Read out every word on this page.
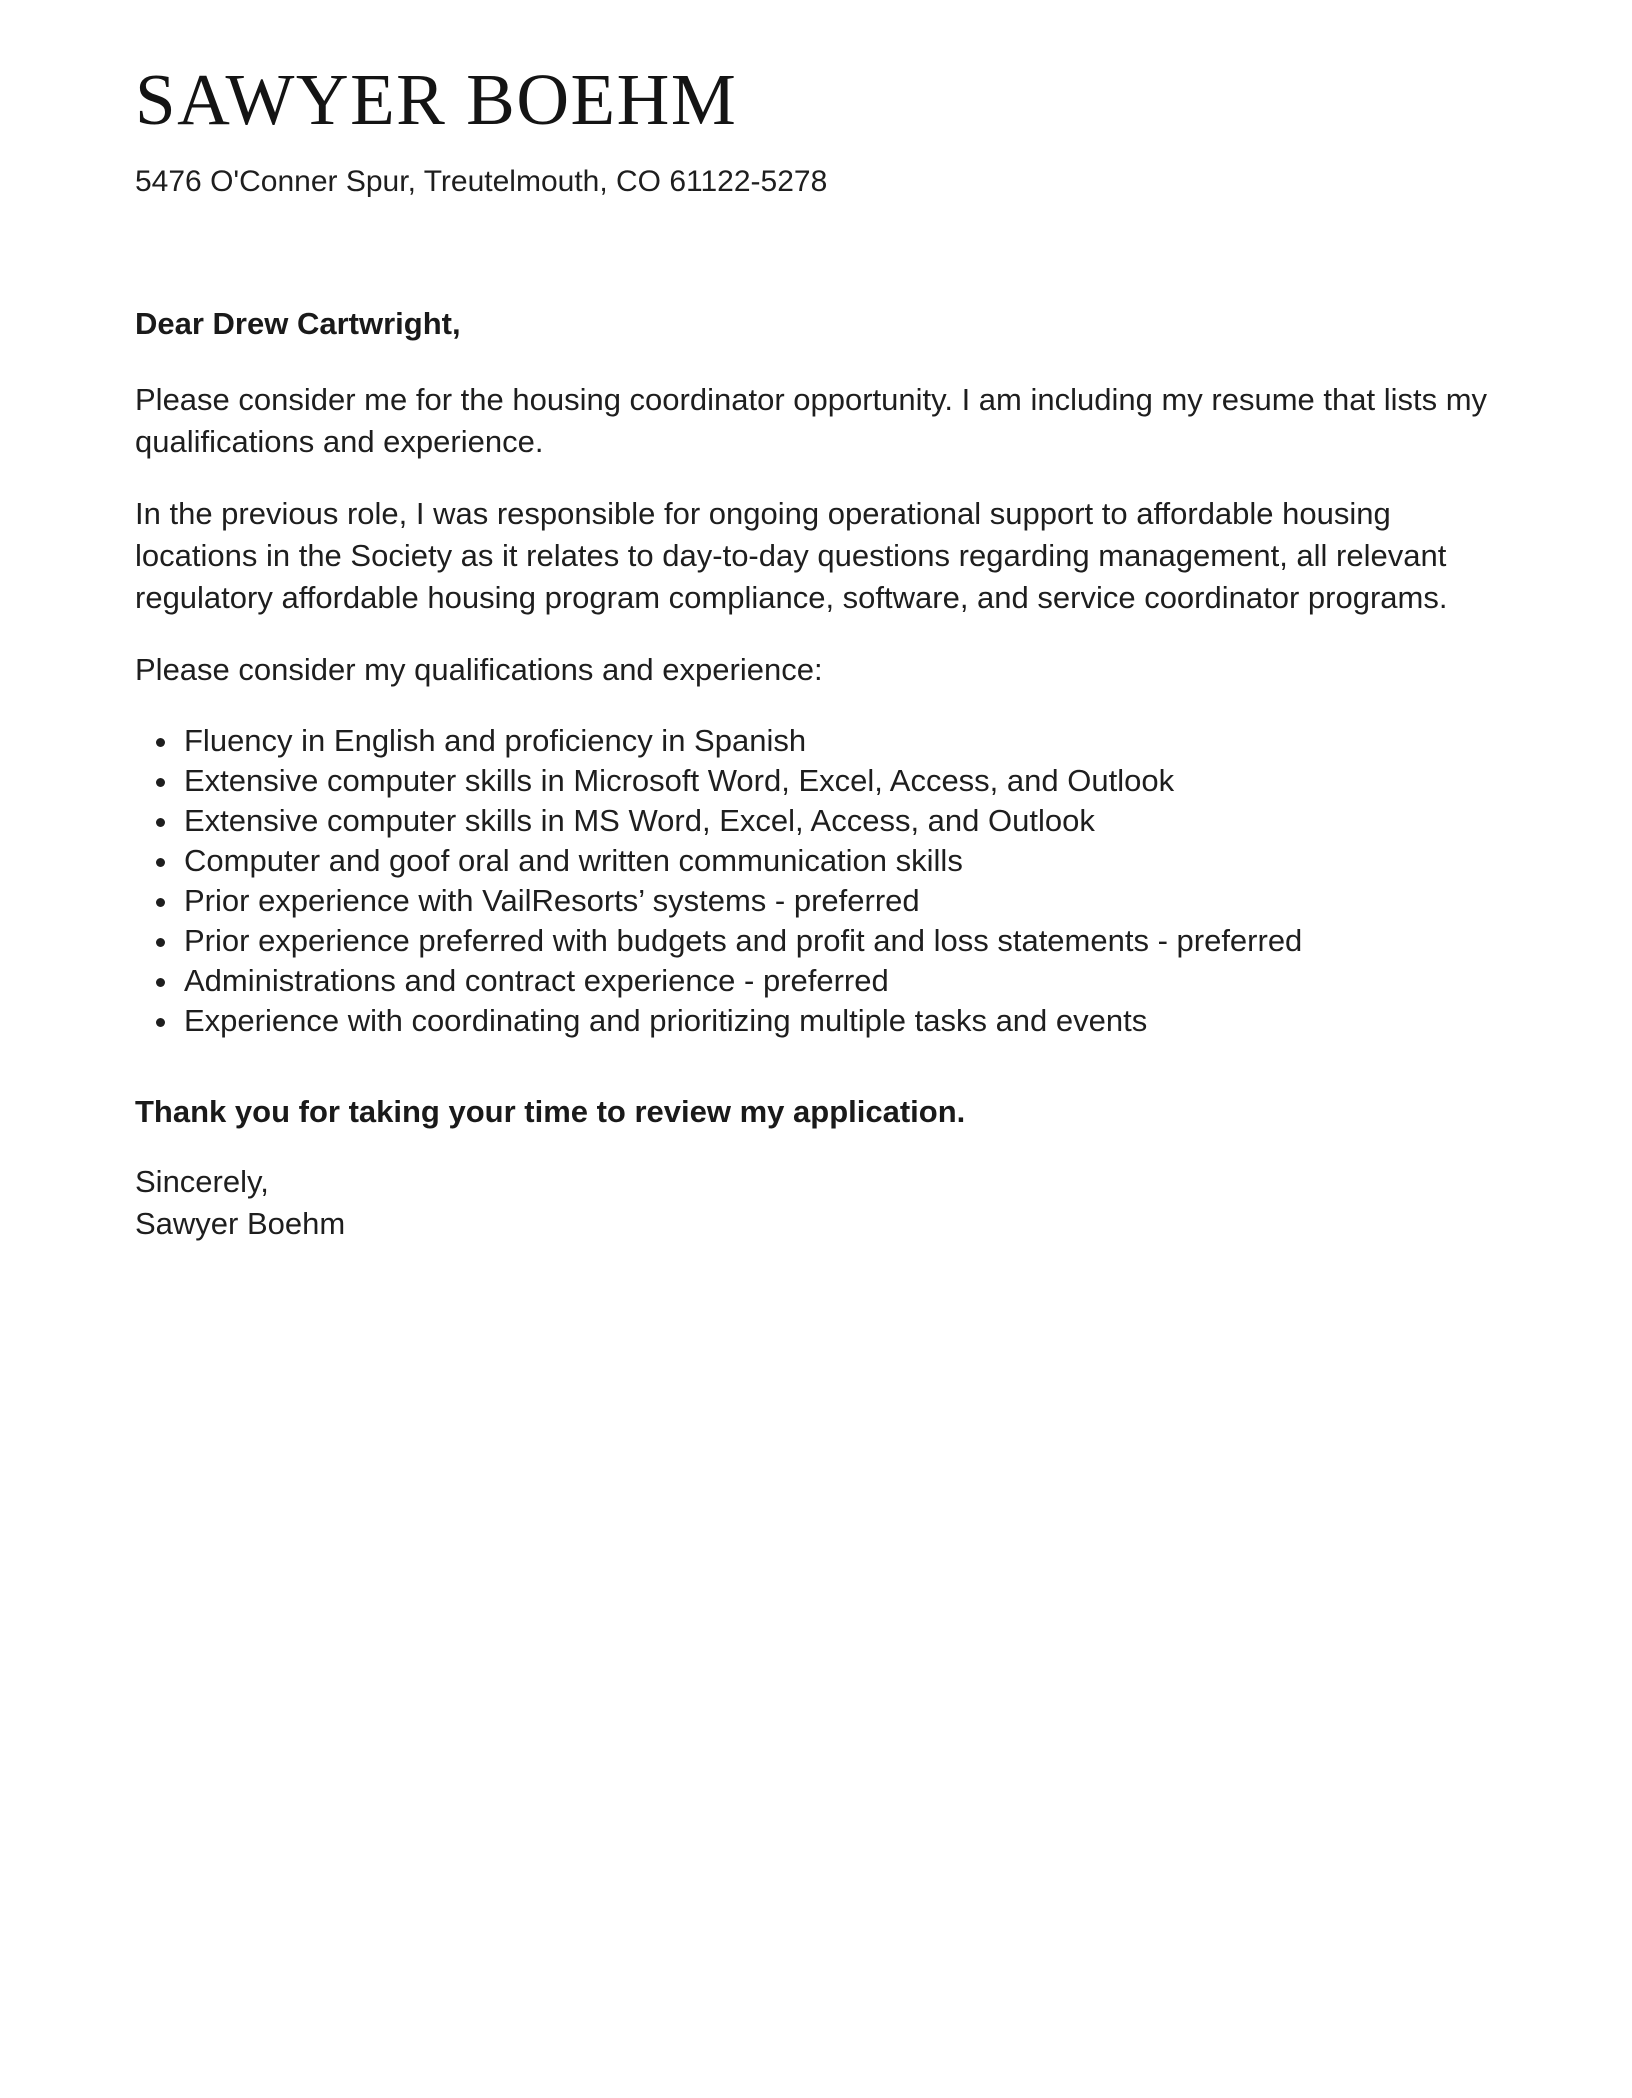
SAWYER BOEHM
5476 O'Conner Spur, Treutelmouth, CO 61122-5278
Dear Drew Cartwright,

Please consider me for the housing coordinator opportunity. I am including my resume that lists my qualifications and experience.

In the previous role, I was responsible for ongoing operational support to affordable housing locations in the Society as it relates to day-to-day questions regarding management, all relevant regulatory affordable housing program compliance, software, and service coordinator programs.

Please consider my qualifications and experience:

• Fluency in English and proficiency in Spanish
• Extensive computer skills in Microsoft Word, Excel, Access, and Outlook
• Extensive computer skills in MS Word, Excel, Access, and Outlook
• Computer and goof oral and written communication skills
• Prior experience with VailResorts’ systems - preferred
• Prior experience preferred with budgets and profit and loss statements - preferred
• Administrations and contract experience - preferred
• Experience with coordinating and prioritizing multiple tasks and events

Thank you for taking your time to review my application.

Sincerely,
Sawyer Boehm
